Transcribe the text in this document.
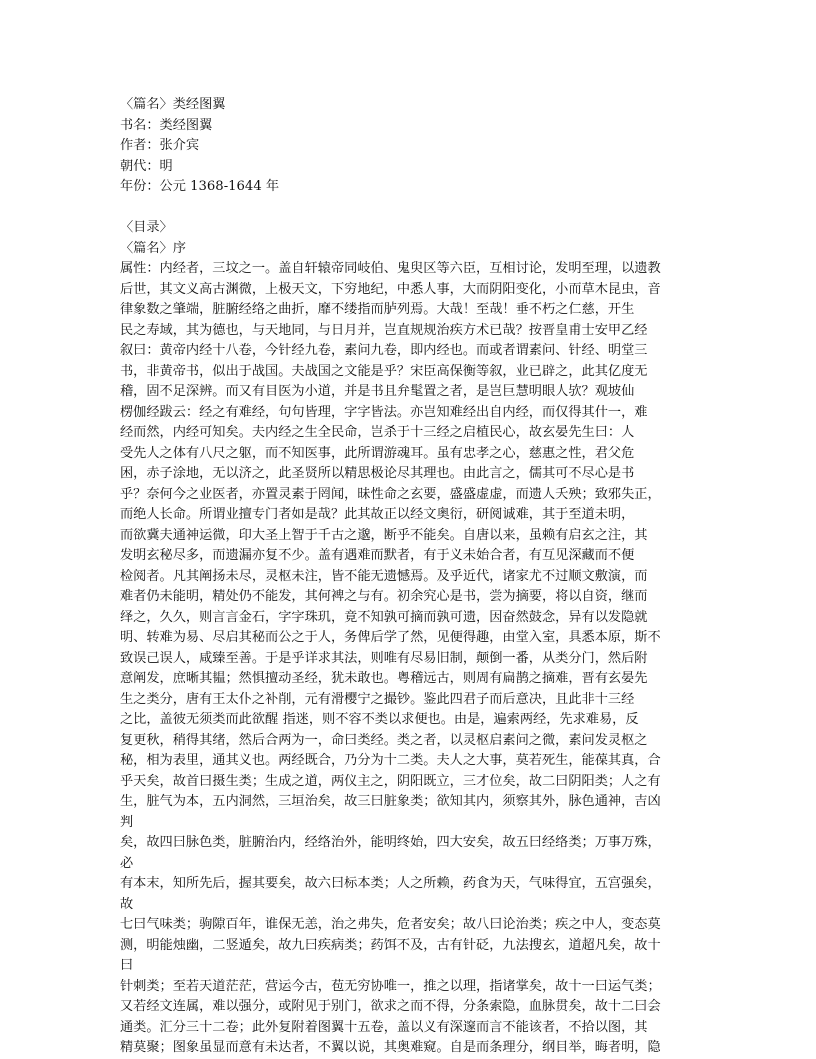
〈篇名〉类经图翼
书名：类经图翼
作者：张介宾
朝代：明
年份：公元 1368-1644 年
〈目录〉
〈篇名〉序
属性：内经者，三坟之一。盖自轩辕帝同岐伯、鬼臾区等六臣，互相讨论，发明至理，以遗教
后世，其文义高古渊微，上极天文，下穷地纪，中悉人事，大而阴阳变化，小而草木昆虫，音
律象数之肇端，脏腑经络之曲折，靡不缕指而胪列焉。大哉！至哉！垂不朽之仁慈，开生
民之寿域，其为德也，与天地同，与日月并，岂直规规治疾方术已哉？按晋皇甫士安甲乙经
叙曰：黄帝内经十八卷，今针经九卷，素问九卷，即内经也。而或者谓素问、针经、明堂三
书，非黄帝书，似出于战国。夫战国之文能是乎？宋臣高保衡等叙，业已辟之，此其亿度无
稽，固不足深辨。而又有目医为小道，并是书且弁髦置之者，是岂巨慧明眼人欤？观坡仙
楞伽经跋云：经之有难经，句句皆理，字字皆法。亦岂知难经出自内经，而仅得其什一，难
经而然，内经可知矣。夫内经之生全民命，岂杀于十三经之启植民心，故玄晏先生曰：人
受先人之体有八尺之躯，而不知医事，此所谓游魂耳。虽有忠孝之心，慈惠之性，君父危
困，赤子涂地，无以济之，此圣贤所以精思极论尽其理也。由此言之，儒其可不尽心是书
乎？奈何今之业医者，亦置灵素于罔闻，昧性命之玄要，盛盛虚虚，而遗人夭殃；致邪失正，
而绝人长命。所谓业擅专门者如是哉？此其故正以经文奥衍，研阅诚难，其于至道未明，
而欲冀夫通神运微，印大圣上智于千古之邈，断乎不能矣。自唐以来，虽赖有启玄之注，其
发明玄秘尽多，而遗漏亦复不少。盖有遇难而默者，有于义未始合者，有互见深藏而不便
检阅者。凡其阐扬未尽，灵枢未注，皆不能无遗憾焉。及乎近代，诸家尤不过顺文敷演，而
难者仍未能明，精处仍不能发，其何裨之与有。初余究心是书，尝为摘要，将以自资，继而
绎之，久久，则言言金石，字字珠玑，竟不知孰可摘而孰可遗，因奋然鼓念，异有以发隐就
明、转难为易、尽启其秘而公之于人，务俾后学了然，见便得趣，由堂入室，具悉本原，斯不
致误己误人，咸臻至善。于是乎详求其法，则唯有尽易旧制，颠倒一番，从类分门，然后附
意阐发，庶晰其韫；然惧擅动圣经，犹未敢也。粤稽远古，则周有扁鹊之摘难，晋有玄晏先
生之类分，唐有王太仆之补削，元有滑樱宁之撮钞。鉴此四君子而后意决，且此非十三经
之比，盖彼无须类而此欲醒 指迷，则不容不类以求便也。由是，遍索两经，先求难易，反
复更秋，稍得其绪，然后合两为一，命曰类经。类之者，以灵枢启素问之微，素问发灵枢之
秘，相为表里，通其义也。两经既合，乃分为十二类。夫人之大事，莫若死生，能葆其真，合
乎天矣，故首曰摄生类；生成之道，两仪主之，阴阳既立，三才位矣，故二曰阴阳类；人之有
生，脏气为本，五内洞然，三垣治矣，故三曰脏象类；欲知其内，须察其外，脉色通神，吉凶
判
矣，故四曰脉色类，脏腑治内，经络治外，能明终始，四大安矣，故五曰经络类；万事万殊，
必
有本末，知所先后，握其要矣，故六曰标本类；人之所赖，药食为天，气味得宜，五宫强矣，
故
七曰气味类；驹隙百年，谁保无恙，治之弗失，危者安矣；故八曰论治类；疾之中人，变态莫
测，明能烛幽，二竖遁矣，故九曰疾病类；药饵不及，古有针砭，九法搜玄，道超凡矣，故十
曰
针刺类；至若天道茫茫，营运今古，苞无穷协唯一，推之以理，指诸掌矣，故十一曰运气类；
又若经文连属，难以强分，或附见于别门，欲求之而不得，分条索隐，血脉贯矣，故十二曰会
通类。汇分三十二卷；此外复附着图翼十五卷，盖以义有深邃而言不能该者，不拾以图，其
精莫聚；图象虽显而意有未达者，不翼以说，其奥难窥。自是而条理分，纲目举，晦者明，隐
